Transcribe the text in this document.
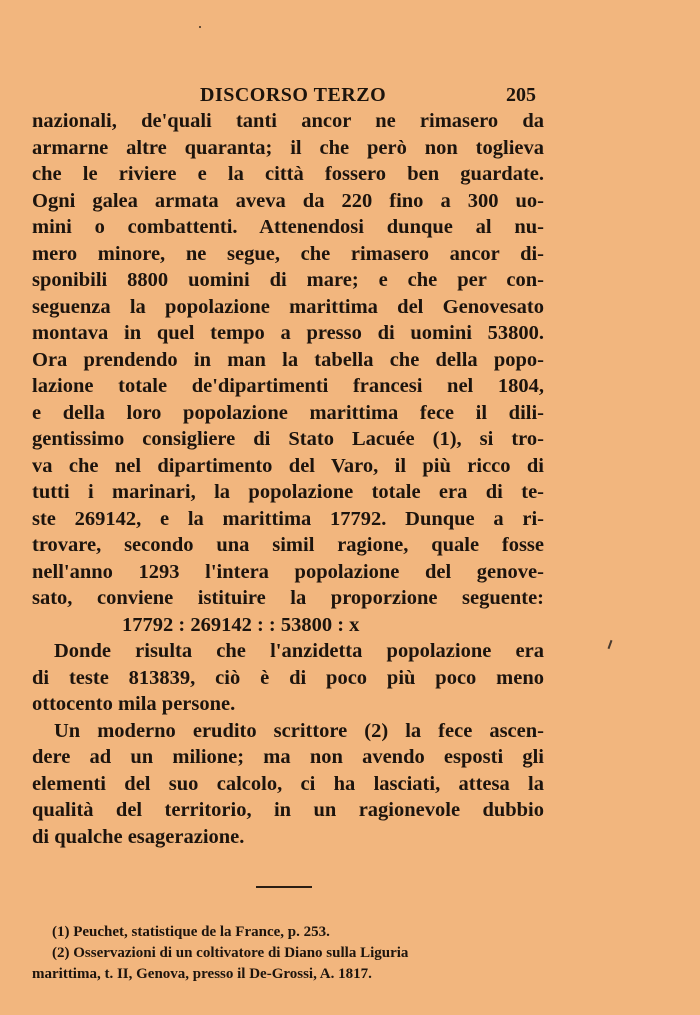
DISCORSO TERZO	205
nazionali, de'quali tanti ancor ne rimasero da
armarne altre quaranta; il che però non toglieva
che le riviere e la città fossero ben guardate.
Ogni galea armata aveva da 220 fino a 300 uo-
mini o combattenti. Attenendosi dunque al nu-
mero minore, ne segue, che rimasero ancor di-
sponibili 8800 uomini di mare; e che per con-
seguenza la popolazione marittima del Genovesato
montava in quel tempo a presso di uomini 53800.
Ora prendendo in man la tabella che della popo-
lazione totale de'dipartimenti francesi nel 1804,
e della loro popolazione marittima fece il dili-
gentissimo consigliere di Stato Lacuée (1), si tro-
va che nel dipartimento del Varo, il più ricco di
tutti i marinari, la popolazione totale era di te-
ste 269142, e la marittima 17792. Dunque a ri-
trovare, secondo una simil ragione, quale fosse
nell'anno 1293 l'intera popolazione del genove-
sato, conviene istituire la proporzione seguente:
17792 : 269142 : : 53800 : x
Donde risulta che l'anzidetta popolazione era
di teste 813839, ciò è di poco più poco meno
ottocento mila persone.
Un moderno erudito scrittore (2) la fece ascen-
dere ad un milione; ma non avendo esposti gli
elementi del suo calcolo, ci ha lasciati, attesa la
qualità del territorio, in un ragionevole dubbio
di qualche esagerazione.
(1) Peuchet, statistique de la France, p. 253.
(2) Osservazioni di un coltivatore di Diano sulla Liguria
marittima, t. II, Genova, presso il De-Grossi, A. 1817.
